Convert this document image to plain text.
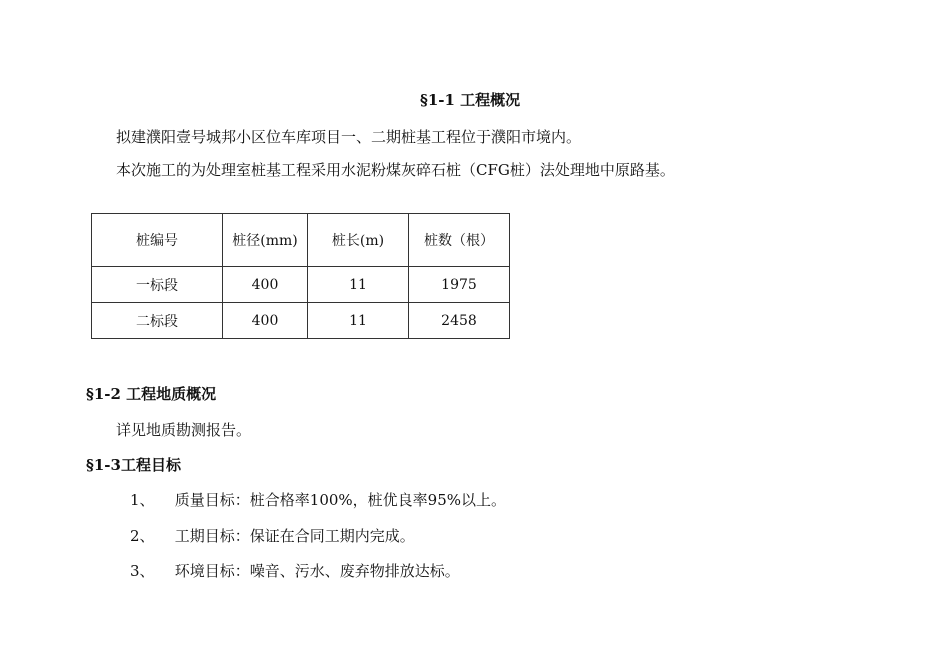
§1-1 工程概况
拟建濮阳壹号城邦小区位车库项目一、二期桩基工程位于濮阳市境内。
本次施工的为处理室桩基工程采用水泥粉煤灰碎石桩（CFG桩）法处理地中原路基。
桩编号	桩径(mm)	桩长(m)	桩数（根）
一标段	400	11	1975
二标段	400	11	2458
§1-2 工程地质概况
详见地质勘测报告。
§1-3工程目标
1、 质量目标：桩合格率100%，桩优良率95%以上。
2、 工期目标：保证在合同工期内完成。
3、 环境目标：噪音、污水、废弃物排放达标。
